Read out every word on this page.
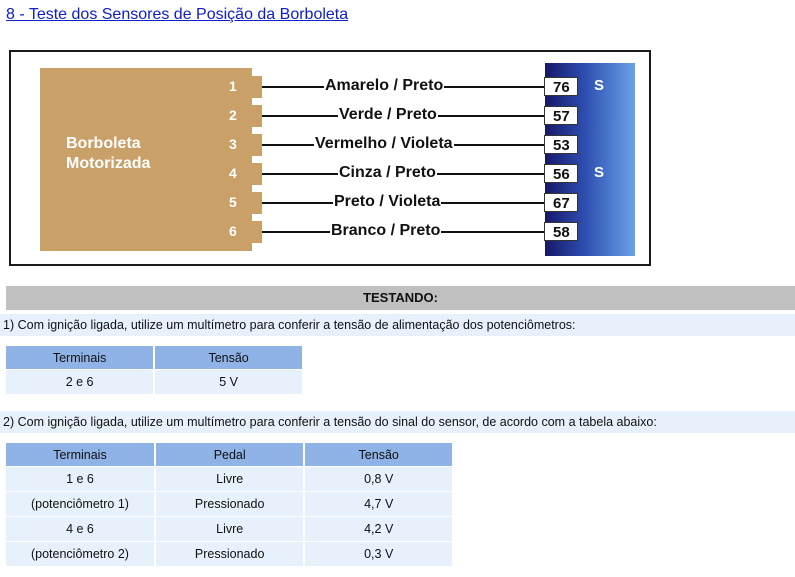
8 - Teste dos Sensores de Posição da Borboleta
Borboleta
Motorizada
1	Amarelo / Preto
2	Verde / Preto
3	Vermelho / Violeta
4	Cinza / Preto
5	Preto / Violeta
6	Branco / Preto
76	S
57
53
56	S
67
58
TESTANDO:
1) Com ignição ligada, utilize um multímetro para conferir a tensão de alimentação dos potenciômetros:
Terminais	Tensão
2 e 6	5 V
2) Com ignição ligada, utilize um multímetro para conferir a tensão do sinal do sensor, de acordo com a tabela abaixo:
Terminais	Pedal	Tensão
1 e 6	Livre	0,8 V
(potenciômetro 1)	Pressionado	4,7 V
4 e 6	Livre	4,2 V
(potenciômetro 2)	Pressionado	0,3 V
